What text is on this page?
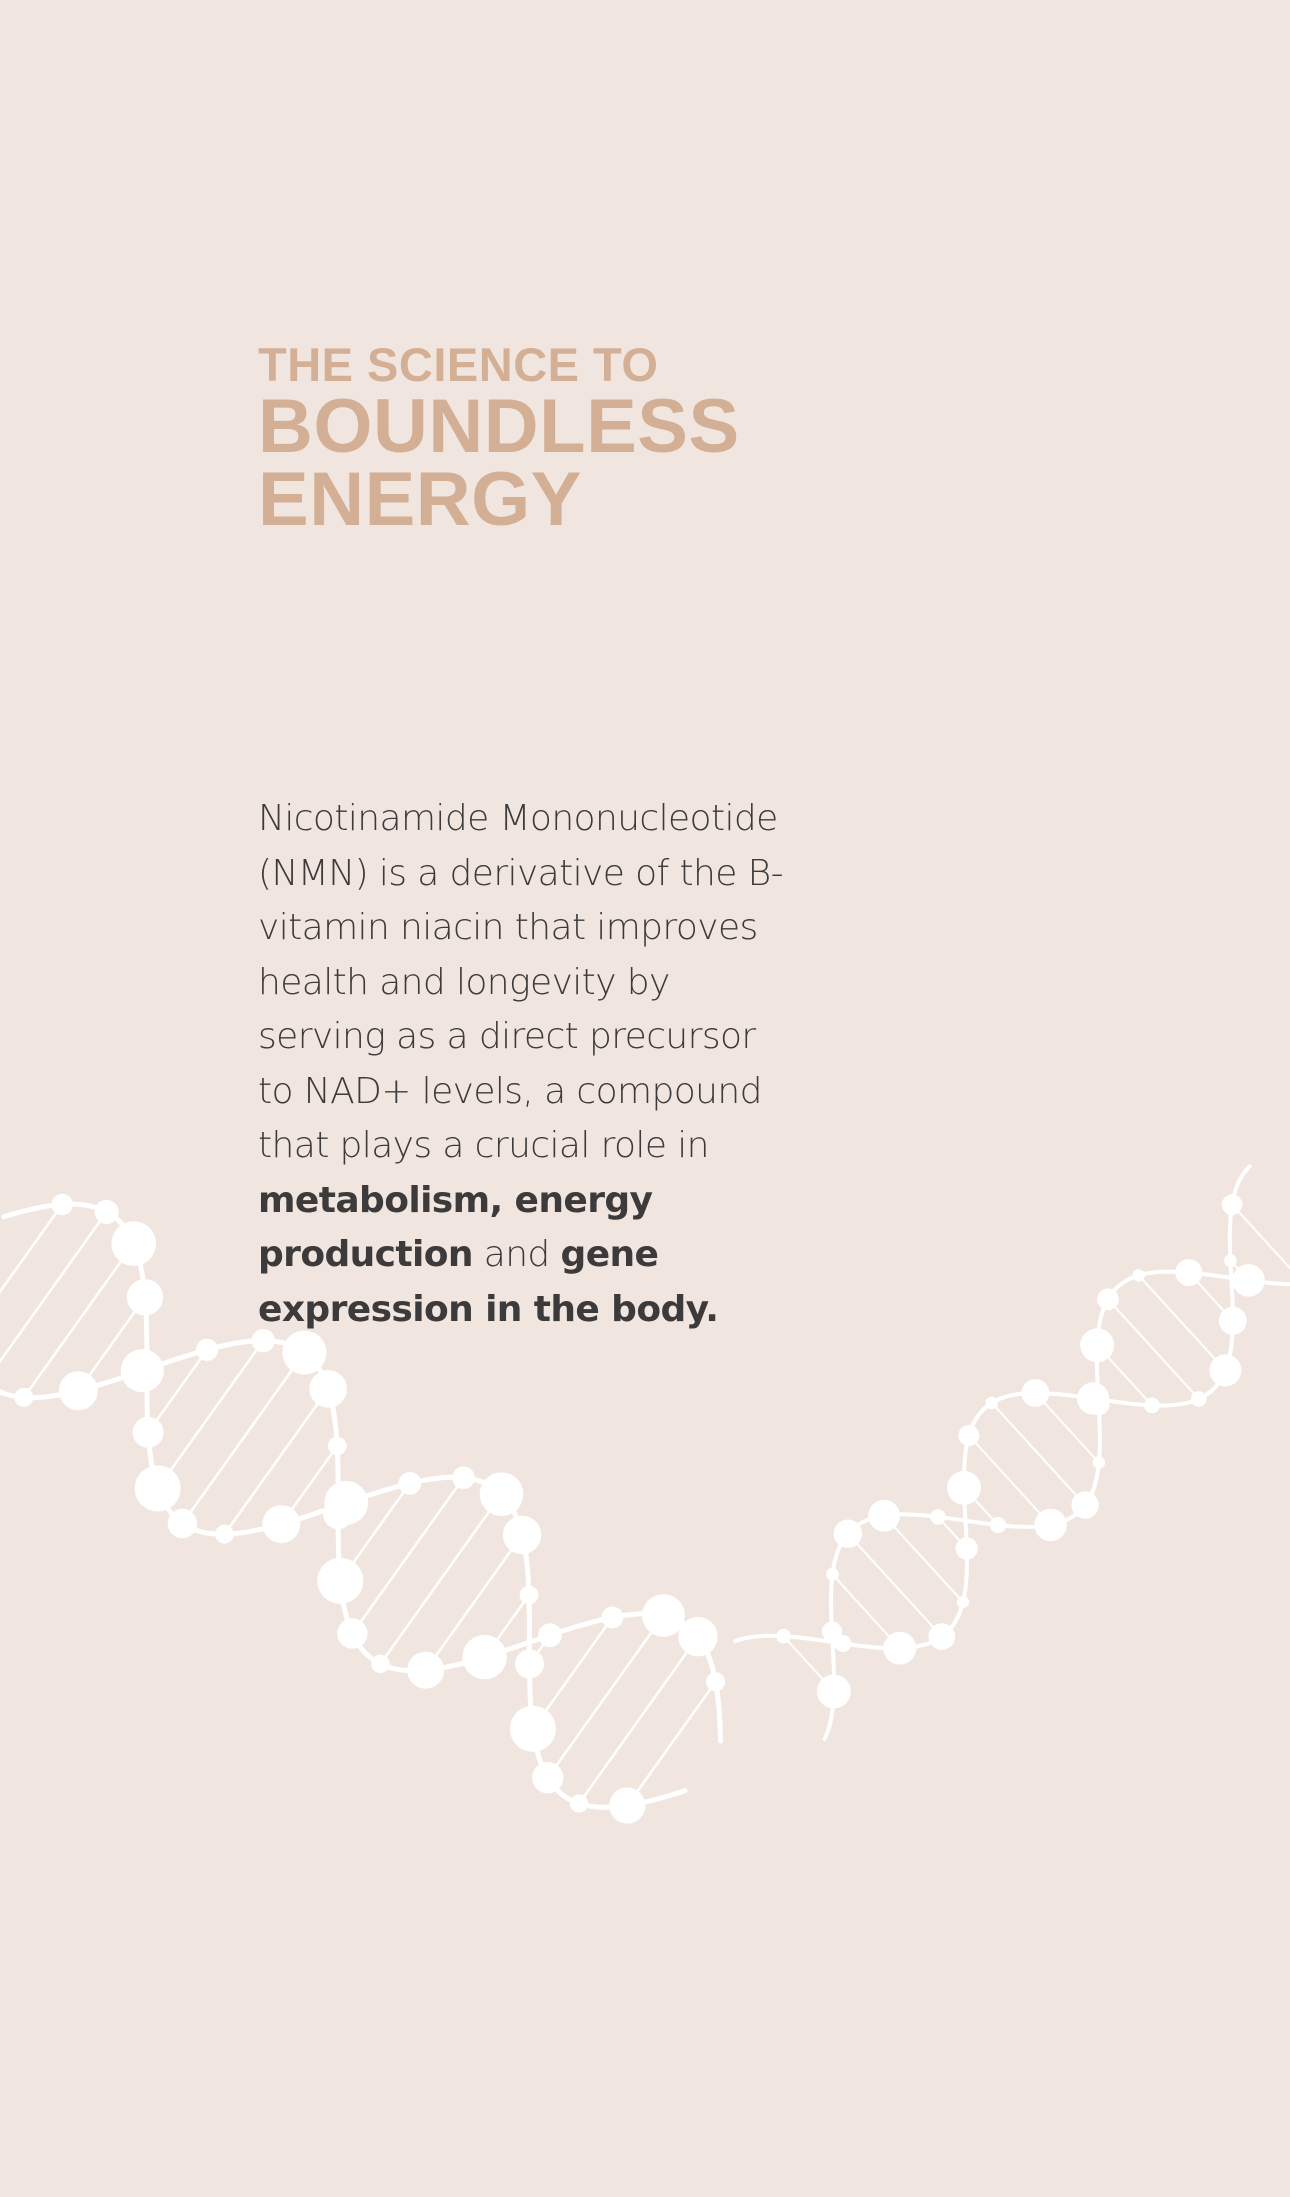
THE SCIENCE TO
BOUNDLESS
ENERGY

Nicotinamide Mononucleotide (NMN) is a derivative of the B-vitamin niacin that improves health and longevity by serving as a direct precursor to NAD+ levels, a compound that plays a crucial role in metabolism, energy production and gene expression in the body.
